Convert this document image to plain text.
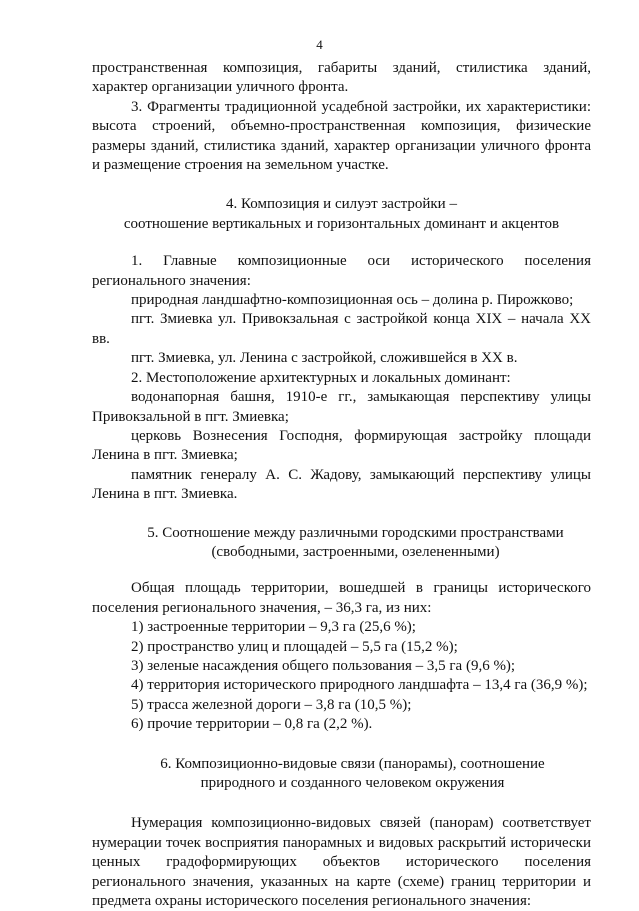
4

пространственная композиция, габариты зданий, стилистика зданий, характер организации уличного фронта.

3. Фрагменты традиционной усадебной застройки, их характеристики: высота строений, объемно-пространственная композиция, физические размеры зданий, стилистика зданий, характер организации уличного фронта и размещение строения на земельном участке.

4. Композиция и силуэт застройки –
соотношение вертикальных и горизонтальных доминант и акцентов

1. Главные композиционные оси исторического поселения регионального значения:

природная ландшафтно-композиционная ось – долина р. Пирожково;

пгт. Змиевка ул. Привокзальная с застройкой конца XIX – начала XX вв.

пгт. Змиевка, ул. Ленина с застройкой, сложившейся в XX в.

2. Местоположение архитектурных и локальных доминант:

водонапорная башня, 1910-е гг., замыкающая перспективу улицы Привокзальной в пгт. Змиевка;

церковь Вознесения Господня, формирующая застройку площади Ленина в пгт. Змиевка;

памятник генералу А. С. Жадову, замыкающий перспективу улицы Ленина в пгт. Змиевка.

5. Соотношение между различными городскими пространствами
(свободными, застроенными, озелененными)

Общая площадь территории, вошедшей в границы исторического поселения регионального значения, – 36,3 га, из них:

1) застроенные территории – 9,3 га (25,6 %);

2) пространство улиц и площадей – 5,5 га (15,2 %);

3) зеленые насаждения общего пользования – 3,5 га (9,6 %);

4) территория исторического природного ландшафта – 13,4 га (36,9 %);

5) трасса железной дороги – 3,8 га (10,5 %);

6) прочие территории – 0,8 га (2,2 %).

6. Композиционно-видовые связи (панорамы), соотношение
природного и созданного человеком окружения

Нумерация композиционно-видовых связей (панорам) соответствует нумерации точек восприятия панорамных и видовых раскрытий исторически ценных градоформирующих объектов исторического поселения регионального значения, указанных на карте (схеме) границ территории и предмета охраны исторического поселения регионального значения:
